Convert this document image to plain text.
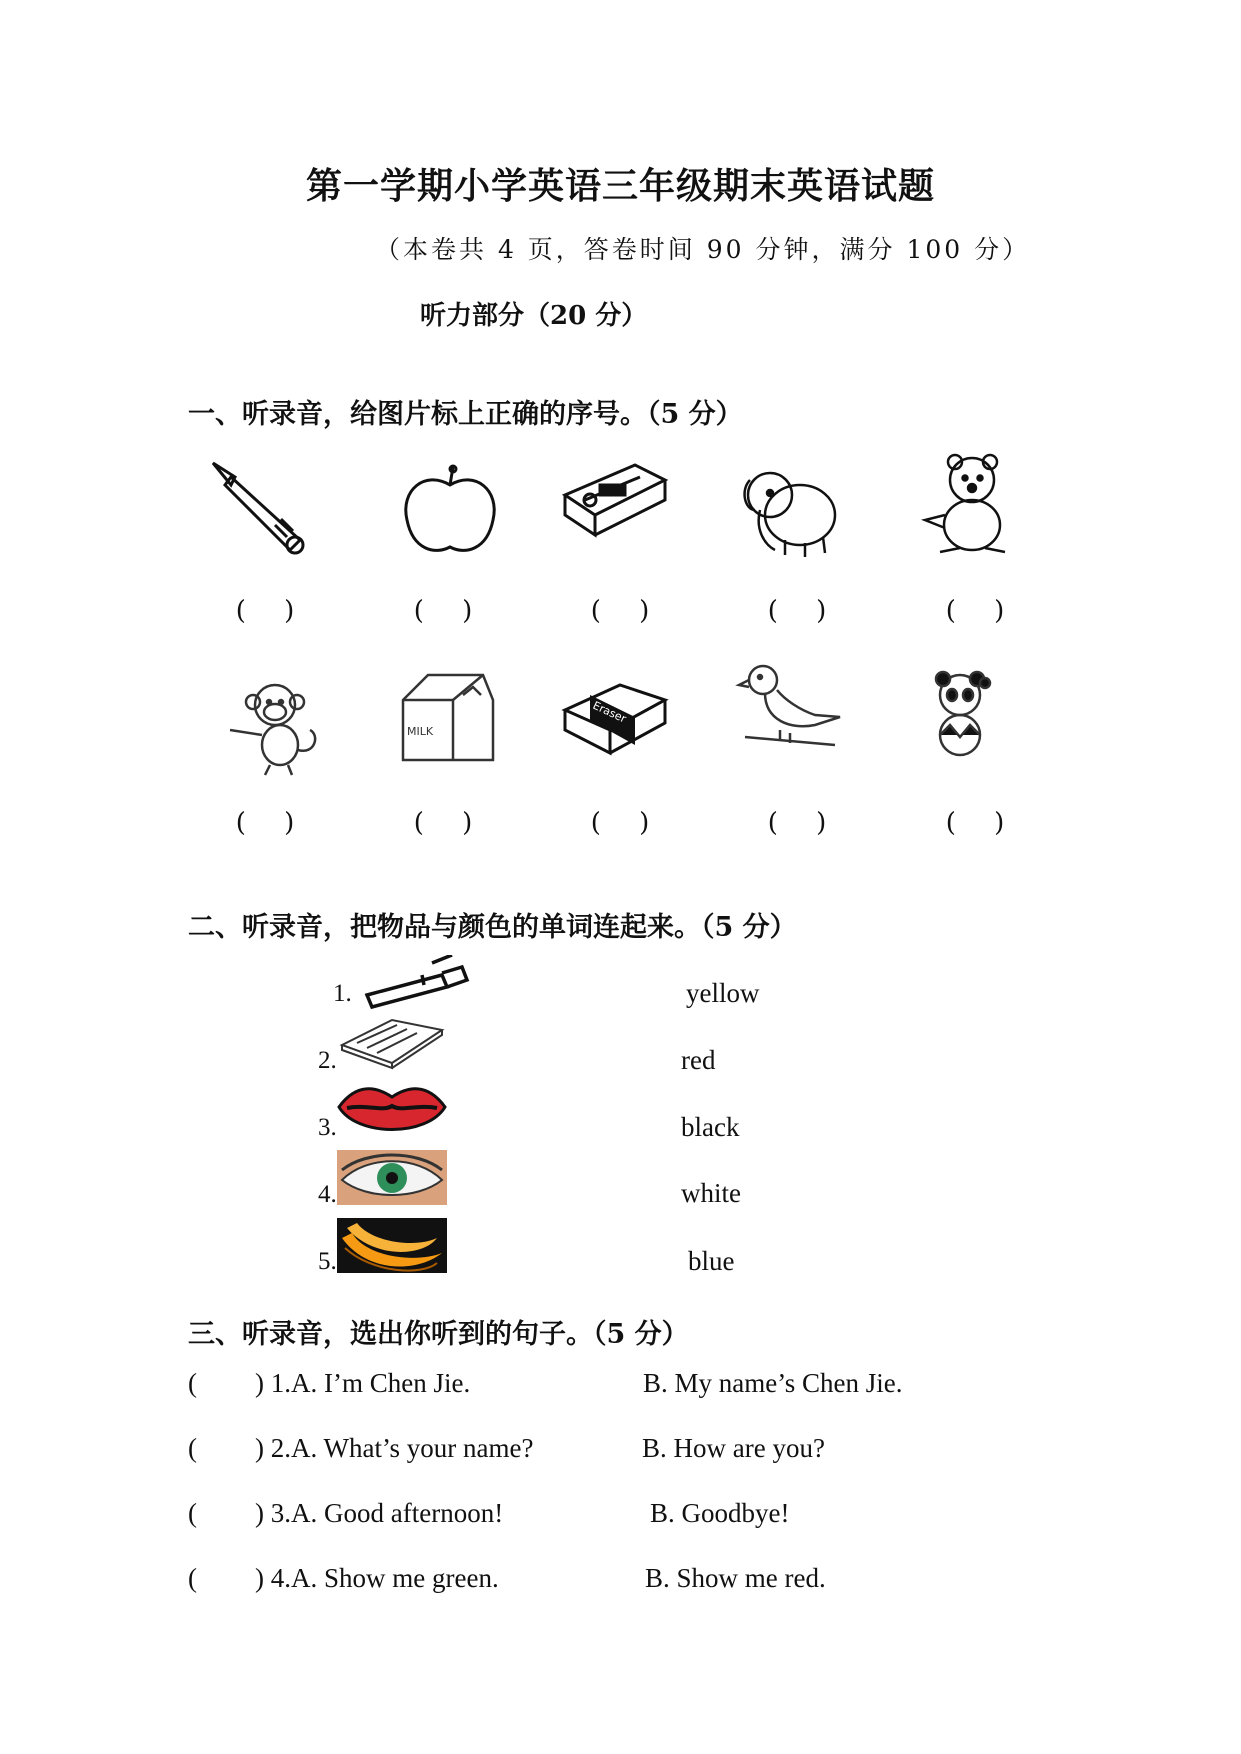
第一学期小学英语三年级期末英语试题
（本卷共 4 页，答卷时间 90 分钟，满分 100 分）
听力部分（20 分）
一、听录音，给图片标上正确的序号。（5 分）
( )	( )	( )	( )	( )
MILK
Eraser
( )	( )	( )	( )	( )
二、听录音，把物品与颜色的单词连起来。（5 分）
1.	yellow
2.	red
3.	black
4.	white
5.	blue
三、听录音，选出你听到的句子。（5 分）
( ) 1.A. I’m Chen Jie.	B. My name’s Chen Jie.
( ) 2.A. What’s your name?	B. How are you?
( ) 3.A. Good afternoon!	B. Goodbye!
( ) 4.A. Show me green.	B. Show me red.
